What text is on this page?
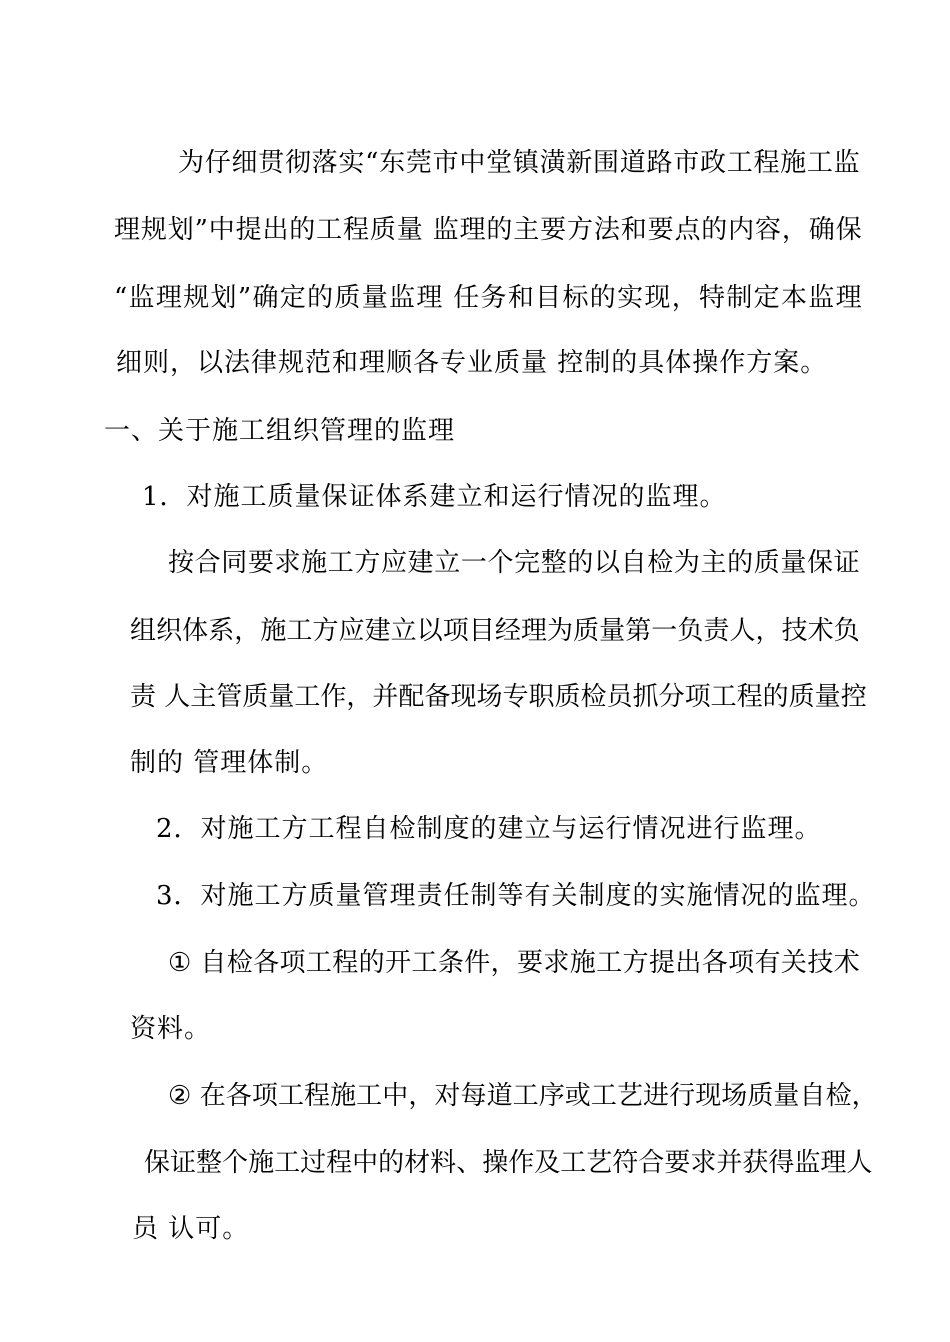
为 仔 细 贯 彻 落 实 “ 东 莞 市 中 堂 镇 潢 新 围 道 路 市 政 工 程 施 工 监
理 规 划 ” 中 提 出 的 工 程 质 量
监 理 的 主 要 方 法 和 要 点 的 内 容 ， 确 保
“ 监 理 规 划 ” 确 定 的 质 量 监 理
任 务 和 目 标 的 实 现 ， 特 制 定 本 监 理
细则，以法律规范和理顺各专业质量 控制的具体操作方案。
一、关于施工组织管理的监理
1．对施工质量保证体系建立和运行情况的监理。
按 合 同 要 求 施 工 方 应 建 立 一 个 完 整 的 以 自 检 为 主 的 质 量 保 证
组 织 体 系 ， 施 工 方 应 建 立 以 项 目 经 理 为 质 量 第 一 负 责 人 ， 技 术 负
责
人 主 管 质 量 工 作 ， 并 配 备 现 场 专 职 质 检 员 抓 分 项 工 程 的 质 量 控
制的 管理体制。
2．对施工方工程自检制度的建立与运行情况进行监理。
3．对施工方质量管理责任制等有关制度的实施情况的监理。
①
自 检 各 项 工 程 的 开 工 条 件 ， 要 求 施 工 方 提 出 各 项 有 关 技 术
资料。
②
在 各 项 工 程 施 工 中 ， 对 每 道 工 序 或 工 艺 进 行 现 场 质 量 自 检 ，
保 证 整 个 施 工 过 程 中 的 材 料 、 操 作 及 工 艺 符 合 要 求 并 获 得 监 理 人
员 认可。
